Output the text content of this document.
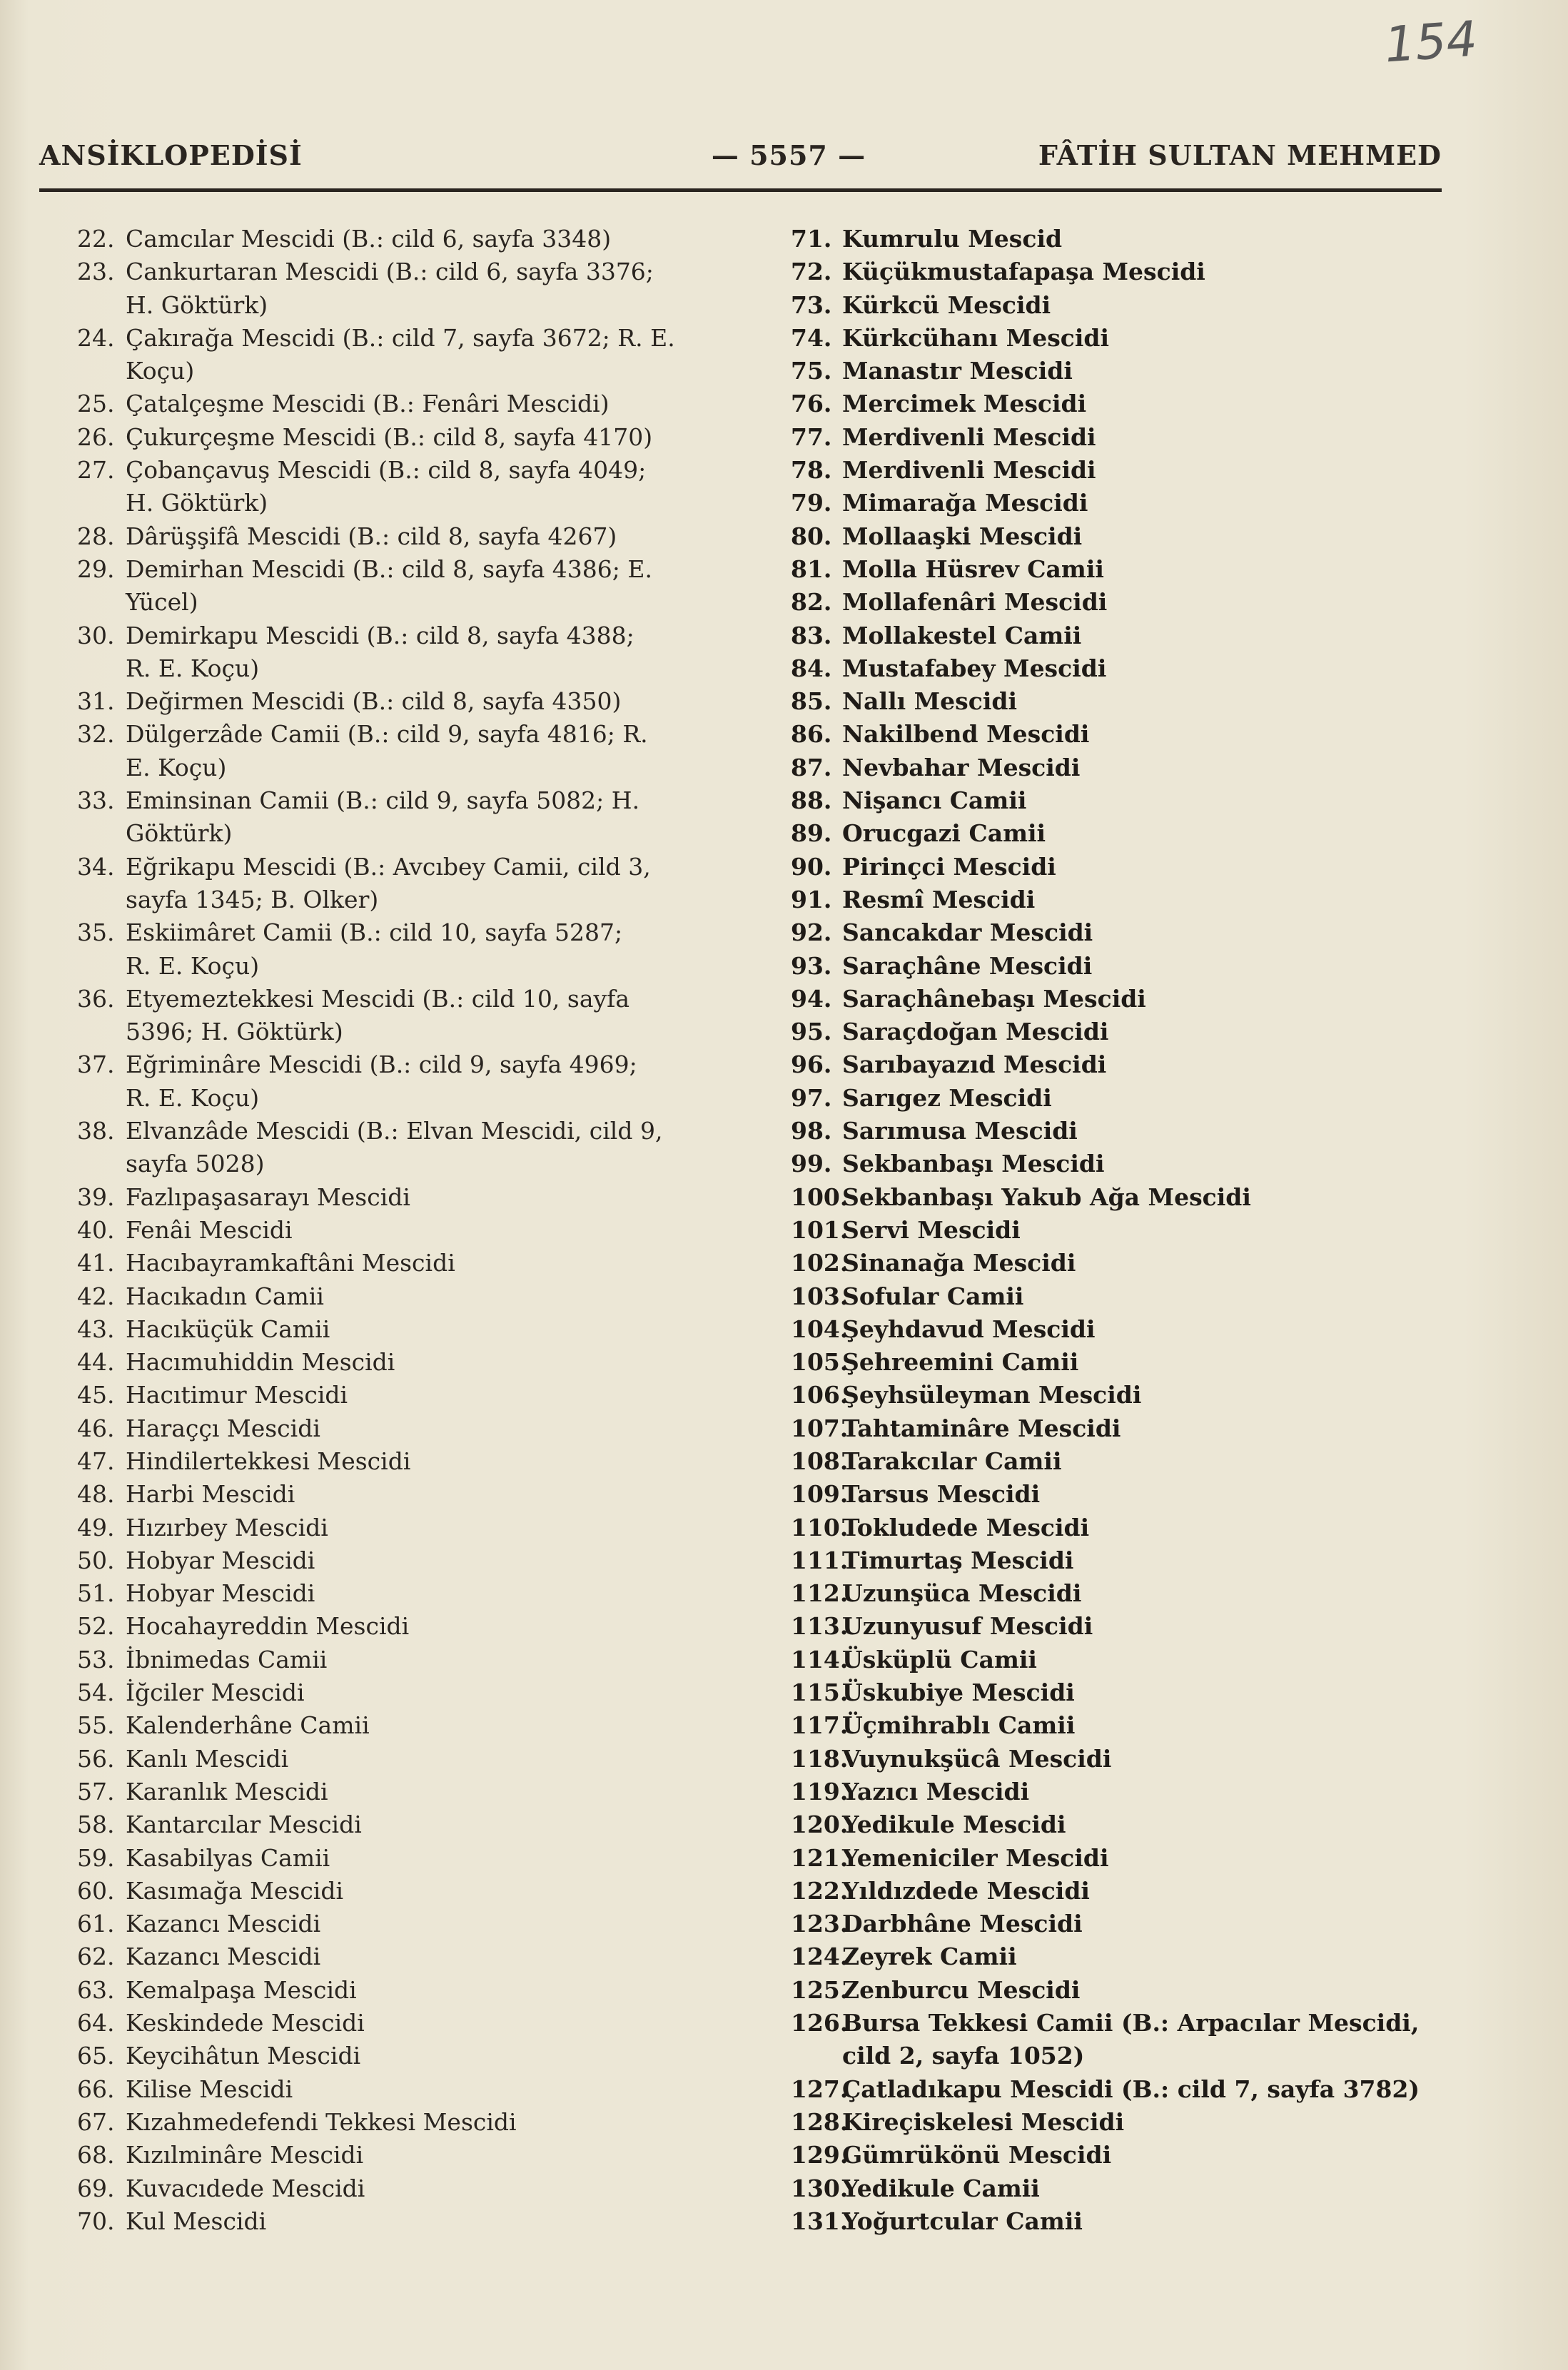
154
ANSİKLOPEDİSİ	— 5557 —	FÂTİH SULTAN MEHMED
22. Camcılar Mescidi (B.: cild 6, sayfa 3348)
23. Cankurtaran Mescidi (B.: cild 6, sayfa 3376;
H. Göktürk)
24. Çakırağa Mescidi (B.: cild 7, sayfa 3672; R. E.
Koçu)
25. Çatalçeşme Mescidi (B.: Fenâri Mescidi)
26. Çukurçeşme Mescidi (B.: cild 8, sayfa 4170)
27. Çobançavuş Mescidi (B.: cild 8, sayfa 4049;
H. Göktürk)
28. Dârüşşifâ Mescidi (B.: cild 8, sayfa 4267)
29. Demirhan Mescidi (B.: cild 8, sayfa 4386; E.
Yücel)
30. Demirkapu Mescidi (B.: cild 8, sayfa 4388;
R. E. Koçu)
31. Değirmen Mescidi (B.: cild 8, sayfa 4350)
32. Dülgerzâde Camii (B.: cild 9, sayfa 4816; R.
E. Koçu)
33. Eminsinan Camii (B.: cild 9, sayfa 5082; H.
Göktürk)
34. Eğrikapu Mescidi (B.: Avcıbey Camii, cild 3,
sayfa 1345; B. Olker)
35. Eskiimâret Camii (B.: cild 10, sayfa 5287;
R. E. Koçu)
36. Etyemeztekkesi Mescidi (B.: cild 10, sayfa
5396; H. Göktürk)
37. Eğriminâre Mescidi (B.: cild 9, sayfa 4969;
R. E. Koçu)
38. Elvanzâde Mescidi (B.: Elvan Mescidi, cild 9,
sayfa 5028)
39. Fazlıpaşasarayı Mescidi
40. Fenâi Mescidi
41. Hacıbayramkaftâni Mescidi
42. Hacıkadın Camii
43. Hacıküçük Camii
44. Hacımuhiddin Mescidi
45. Hacıtimur Mescidi
46. Haraççı Mescidi
47. Hindilertekkesi Mescidi
48. Harbi Mescidi
49. Hızırbey Mescidi
50. Hobyar Mescidi
51. Hobyar Mescidi
52. Hocahayreddin Mescidi
53. İbnimedas Camii
54. İğciler Mescidi
55. Kalenderhâne Camii
56. Kanlı Mescidi
57. Karanlık Mescidi
58. Kantarcılar Mescidi
59. Kasabilyas Camii
60. Kasımağa Mescidi
61. Kazancı Mescidi
62. Kazancı Mescidi
63. Kemalpaşa Mescidi
64. Keskindede Mescidi
65. Keycihâtun Mescidi
66. Kilise Mescidi
67. Kızahmedefendi Tekkesi Mescidi
68. Kızılminâre Mescidi
69. Kuvacıdede Mescidi
70. Kul Mescidi
71. Kumrulu Mescid
72. Küçükmustafapaşa Mescidi
73. Kürkcü Mescidi
74. Kürkcühanı Mescidi
75. Manastır Mescidi
76. Mercimek Mescidi
77. Merdivenli Mescidi
78. Merdivenli Mescidi
79. Mimarağa Mescidi
80. Mollaaşki Mescidi
81. Molla Hüsrev Camii
82. Mollafenâri Mescidi
83. Mollakestel Camii
84. Mustafabey Mescidi
85. Nallı Mescidi
86. Nakilbend Mescidi
87. Nevbahar Mescidi
88. Nişancı Camii
89. Orucgazi Camii
90. Pirinçci Mescidi
91. Resmî Mescidi
92. Sancakdar Mescidi
93. Saraçhâne Mescidi
94. Saraçhânebaşı Mescidi
95. Saraçdoğan Mescidi
96. Sarıbayazıd Mescidi
97. Sarıgez Mescidi
98. Sarımusa Mescidi
99. Sekbanbaşı Mescidi
100.
Sekbanbaşı Yakub Ağa Mescidi
101.
Servi Mescidi
102.
Sinanağa Mescidi
103.
Sofular Camii
104.
Şeyhdavud Mescidi
105.
Şehreemini Camii
106.
Şeyhsüleyman Mescidi
107.
Tahtaminâre Mescidi
108.
Tarakcılar Camii
109.
Tarsus Mescidi
110.
Tokludede Mescidi
111.
Timurtaş Mescidi
112.
Uzunşüca Mescidi
113.
Uzunyusuf Mescidi
114.
Üsküplü Camii
115.
Üskubiye Mescidi
117.
Üçmihrablı Camii
118.
Vuynukşücâ Mescidi
119.
Yazıcı Mescidi
120.
Yedikule Mescidi
121.
Yemeniciler Mescidi
122.
Yıldızdede Mescidi
123.
Darbhâne Mescidi
124.
Zeyrek Camii
125.
Zenburcu Mescidi
126.
Bursa Tekkesi Camii (B.: Arpacılar Mescidi,
cild 2, sayfa 1052)
127.
Çatladıkapu Mescidi (B.: cild 7, sayfa 3782)
128.
Kireçiskelesi Mescidi
129.
Gümrükönü Mescidi
130.
Yedikule Camii
131.
Yoğurtcular Camii
